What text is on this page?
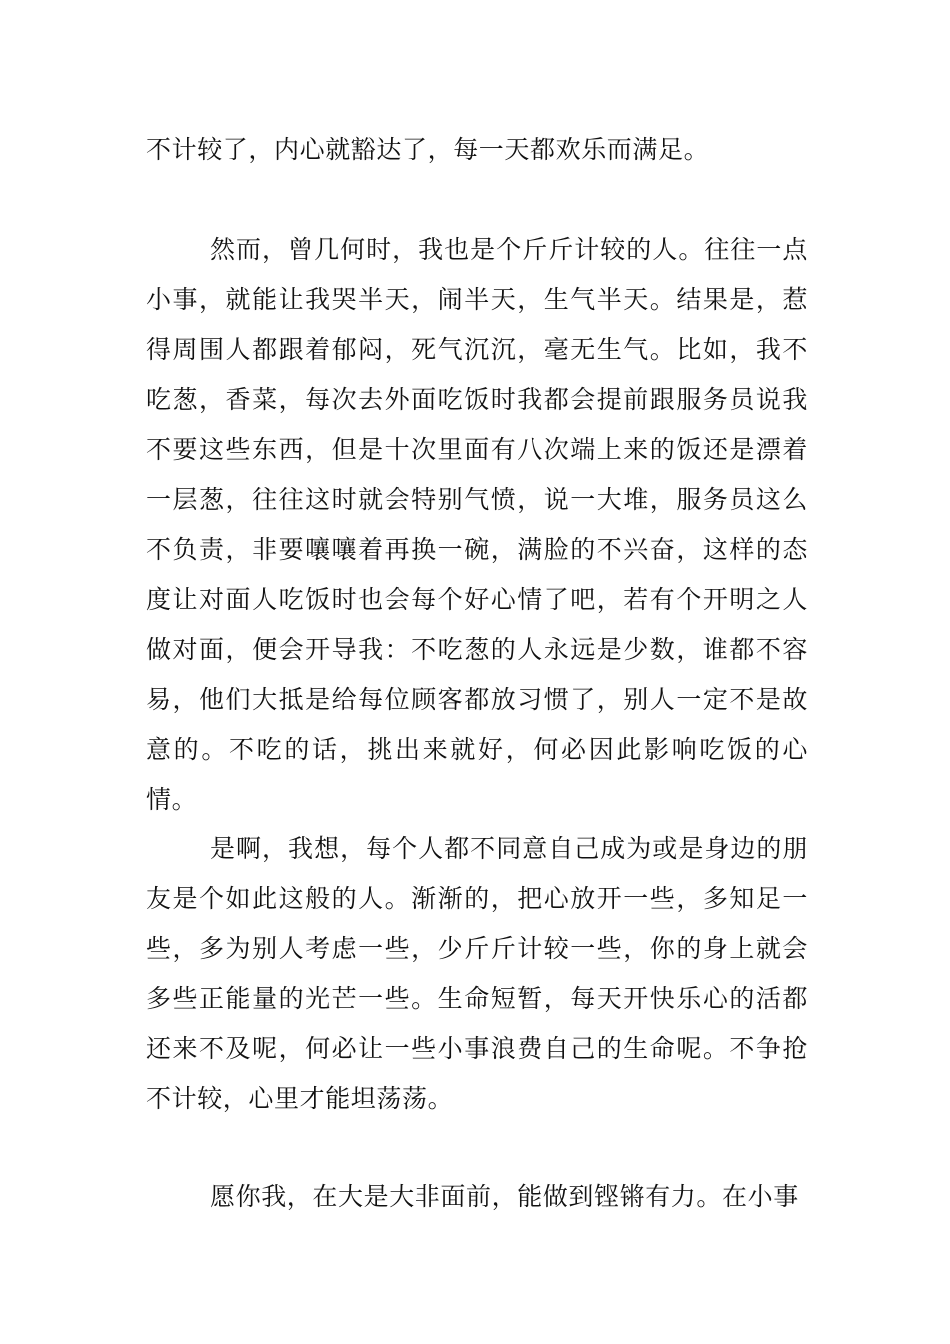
不计较了，内心就豁达了，每一天都欢乐而满足。

然而，曾几何时，我也是个斤斤计较的人。往往一点小事，就能让我哭半天，闹半天，生气半天。结果是，惹得周围人都跟着郁闷，死气沉沉，毫无生气。比如，我不吃葱，香菜，每次去外面吃饭时我都会提前跟服务员说我不要这些东西，但是十次里面有八次端上来的饭还是漂着一层葱，往往这时就会特别气愤，说一大堆，服务员这么不负责，非要嚷嚷着再换一碗，满脸的不兴奋，这样的态度让对面人吃饭时也会每个好心情了吧，若有个开明之人做对面，便会开导我：不吃葱的人永远是少数，谁都不容易，他们大抵是给每位顾客都放习惯了，别人一定不是故意的。不吃的话，挑出来就好，何必因此影响吃饭的心情。

是啊，我想，每个人都不同意自己成为或是身边的朋友是个如此这般的人。渐渐的，把心放开一些，多知足一些，多为别人考虑一些，少斤斤计较一些，你的身上就会多些正能量的光芒一些。生命短暂，每天开快乐心的活都还来不及呢，何必让一些小事浪费自己的生命呢。不争抢不计较，心里才能坦荡荡。

愿你我，在大是大非面前，能做到铿锵有力。在小事
